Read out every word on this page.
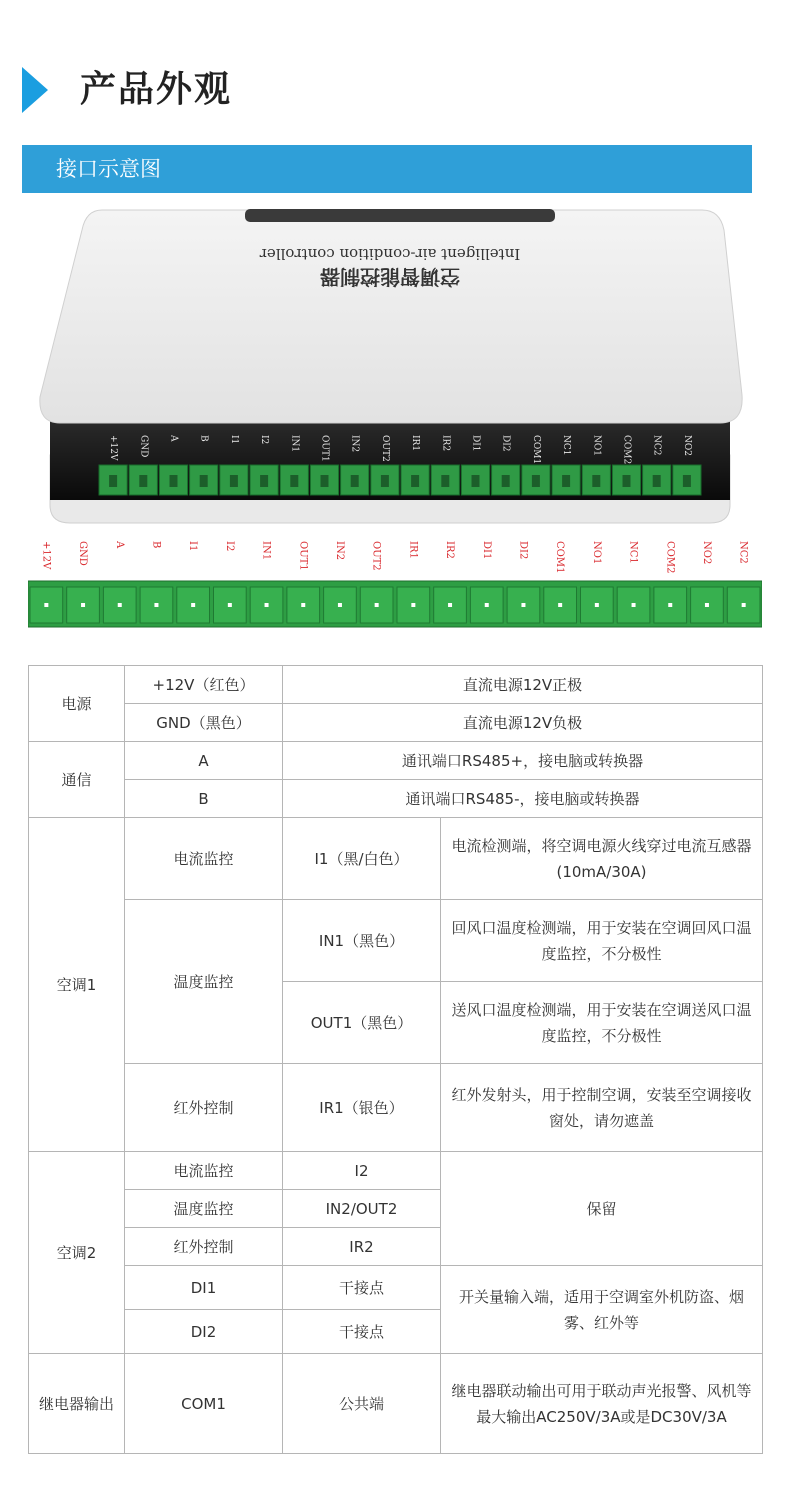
产品外观
接口示意图
Intelligent air-condition controller
空调智能控制器
+12V GND A B I1 I2 IN1 OUT1 IN2 OUT2 IR1 IR2 DI1 DI2 COM1 NC1 NO1 COM2 NC2 NO2
+12V	GND	A	B	I1	I2	IN1	OUT1	IN2	OUT2	IR1	IR2	DI1	DI2	COM1	NO1	NC1	COM2	NO2	NC2
电源	+12V（红色）	直流电源12V正极	
	GND（黑色）	直流电源12V负极	
通信	A	通讯端口RS485+，接电脑或转换器	
	B	通讯端口RS485-，接电脑或转换器	
空调1	电流监控	I1（黑/白色）	电流检测端，将空调电源火线穿过电流互感器(10mA/30A)
	温度监控	IN1（黑色）	回风口温度检测端，用于安装在空调回风口温度监控，不分极性
		OUT1（黑色）	送风口温度检测端，用于安装在空调送风口温度监控，不分极性
	红外控制	IR1（银色）	红外发射头，用于控制空调，安装至空调接收窗处，请勿遮盖
空调2	电流监控	I2	保留
	温度监控	IN2/OUT2	
	红外控制	IR2	
	DI1	干接点	开关量输入端，适用于空调室外机防盗、烟雾、红外等
	DI2	干接点	
继电器输出	COM1	公共端	继电器联动输出可用于联动声光报警、风机等 最大输出AC250V/3A或是DC30V/3A
